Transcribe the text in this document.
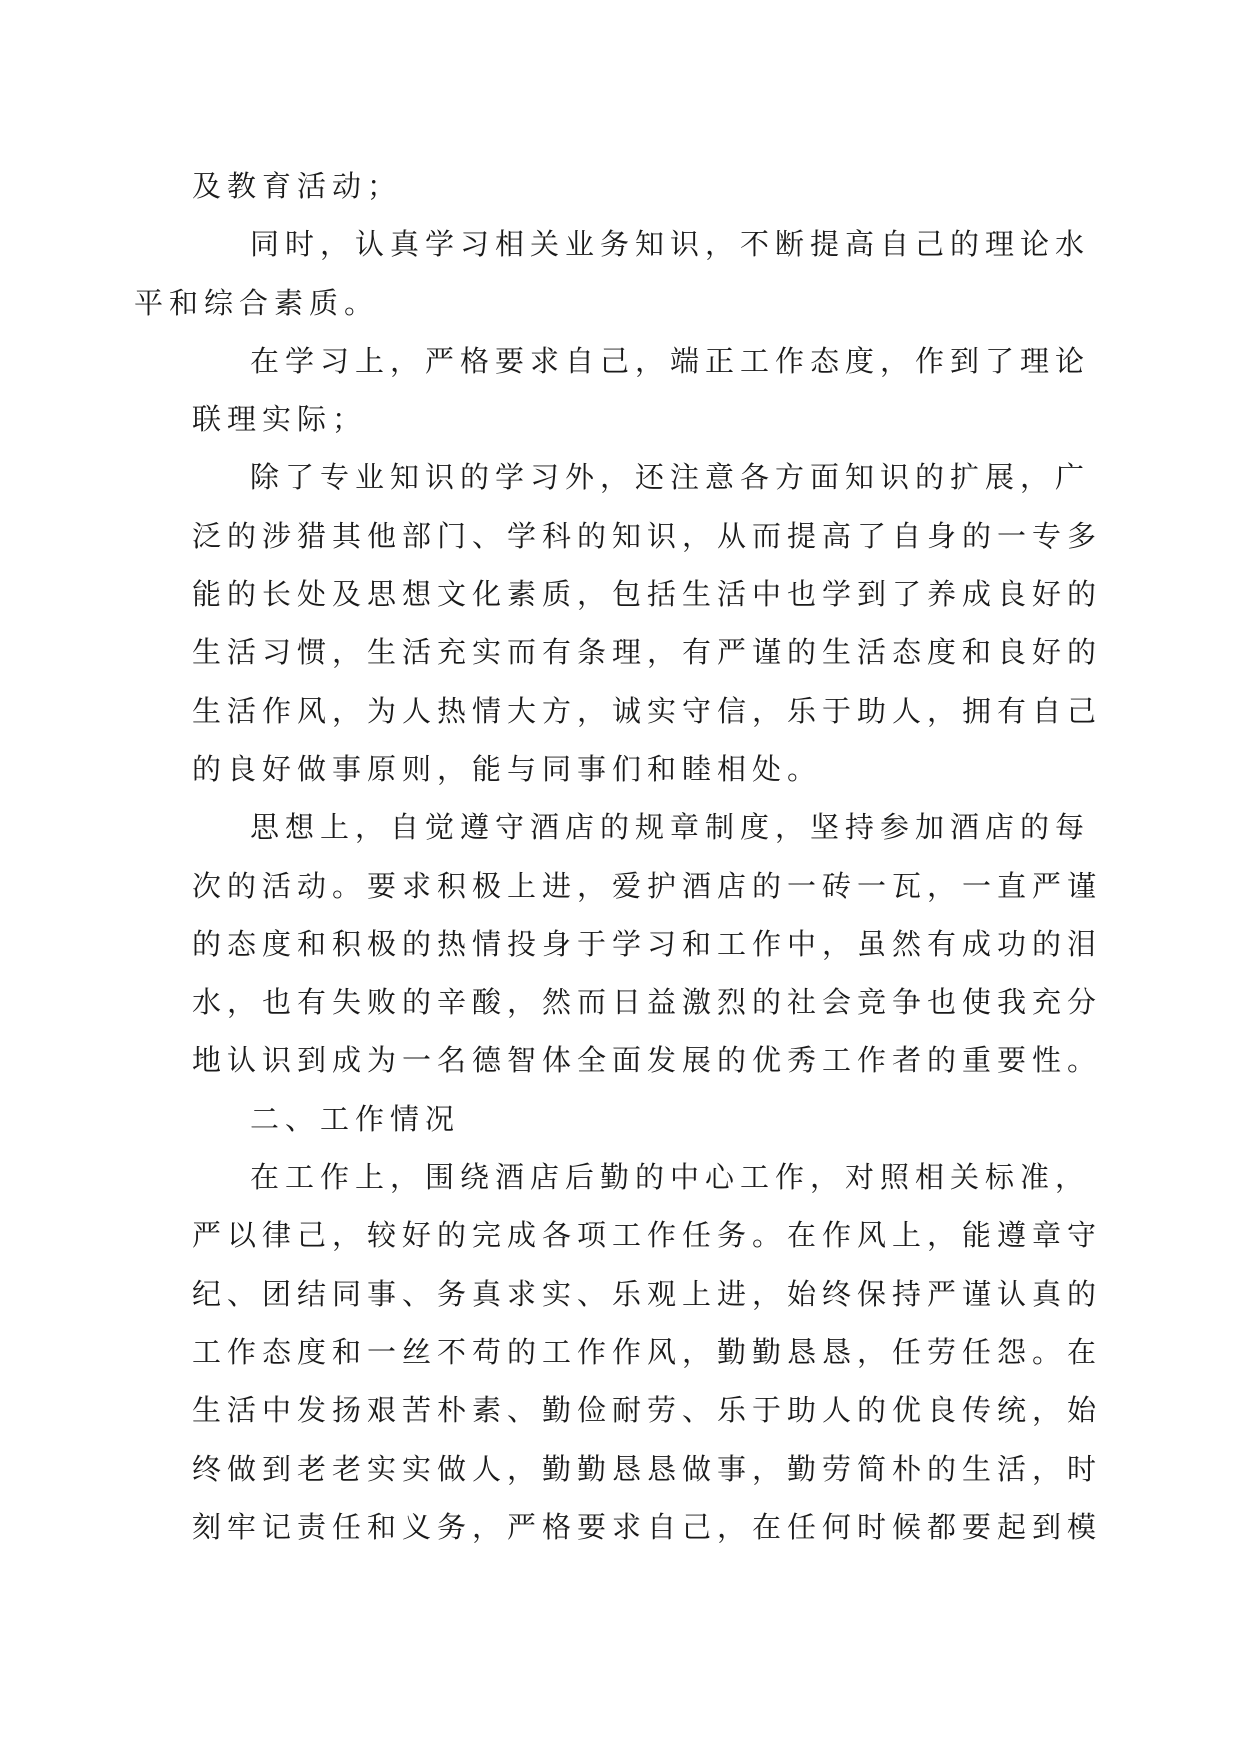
及教育活动；

同时，认真学习相关业务知识，不断提高自己的理论水
平和综合素质。

在学习上，严格要求自己，端正工作态度，作到了理论
联理实际；

除了专业知识的学习外，还注意各方面知识的扩展，广
泛的涉猎其他部门、学科的知识，从而提高了自身的一专多
能的长处及思想文化素质，包括生活中也学到了养成良好的
生活习惯，生活充实而有条理，有严谨的生活态度和良好的
生活作风，为人热情大方，诚实守信，乐于助人，拥有自己
的良好做事原则，能与同事们和睦相处。

思想上，自觉遵守酒店的规章制度，坚持参加酒店的每
次的活动。要求积极上进，爱护酒店的一砖一瓦，一直严谨
的态度和积极的热情投身于学习和工作中，虽然有成功的泪
水，也有失败的辛酸，然而日益激烈的社会竞争也使我充分
地认识到成为一名德智体全面发展的优秀工作者的重要性。

二、工作情况

在工作上，围绕酒店后勤的中心工作，对照相关标准，
严以律己，较好的完成各项工作任务。在作风上，能遵章守
纪、团结同事、务真求实、乐观上进，始终保持严谨认真的
工作态度和一丝不苟的工作作风，勤勤恳恳，任劳任怨。在
生活中发扬艰苦朴素、勤俭耐劳、乐于助人的优良传统，始
终做到老老实实做人，勤勤恳恳做事，勤劳简朴的生活，时
刻牢记责任和义务，严格要求自己，在任何时候都要起到模
